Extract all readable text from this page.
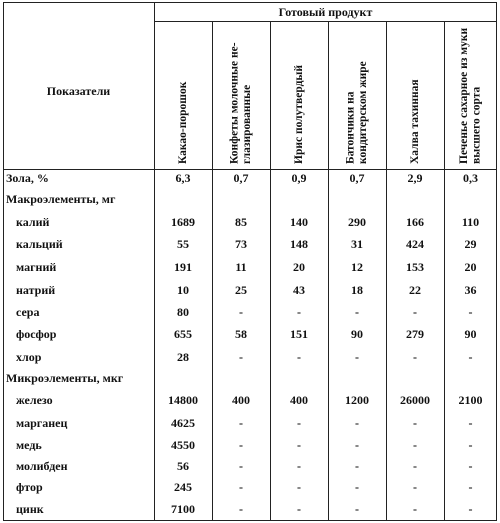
Готовый продукт
Показатели	Какао-порошок	Конфеты молочные не-глазированные	Ирис полутвердый	Батончики на кондитерском жире	Халва тахинная	Печенье сахарное из муки высшего сорта
Зола, %	6,3	0,7	0,9	0,7	2,9	0,3
Макроэлементы, мг
калий	1689	85	140	290	166	110
кальций	55	73	148	31	424	29
магний	191	11	20	12	153	20
натрий	10	25	43	18	22	36
сера	80	-	-	-	-	-
фосфор	655	58	151	90	279	90
хлор	28	-	-	-	-	-
Микроэлементы, мкг
железо	14800	400	400	1200	26000	2100
марганец	4625	-	-	-	-	-
медь	4550	-	-	-	-	-
молибден	56	-	-	-	-	-
фтор	245	-	-	-	-	-
цинк	7100	-	-	-	-	-
